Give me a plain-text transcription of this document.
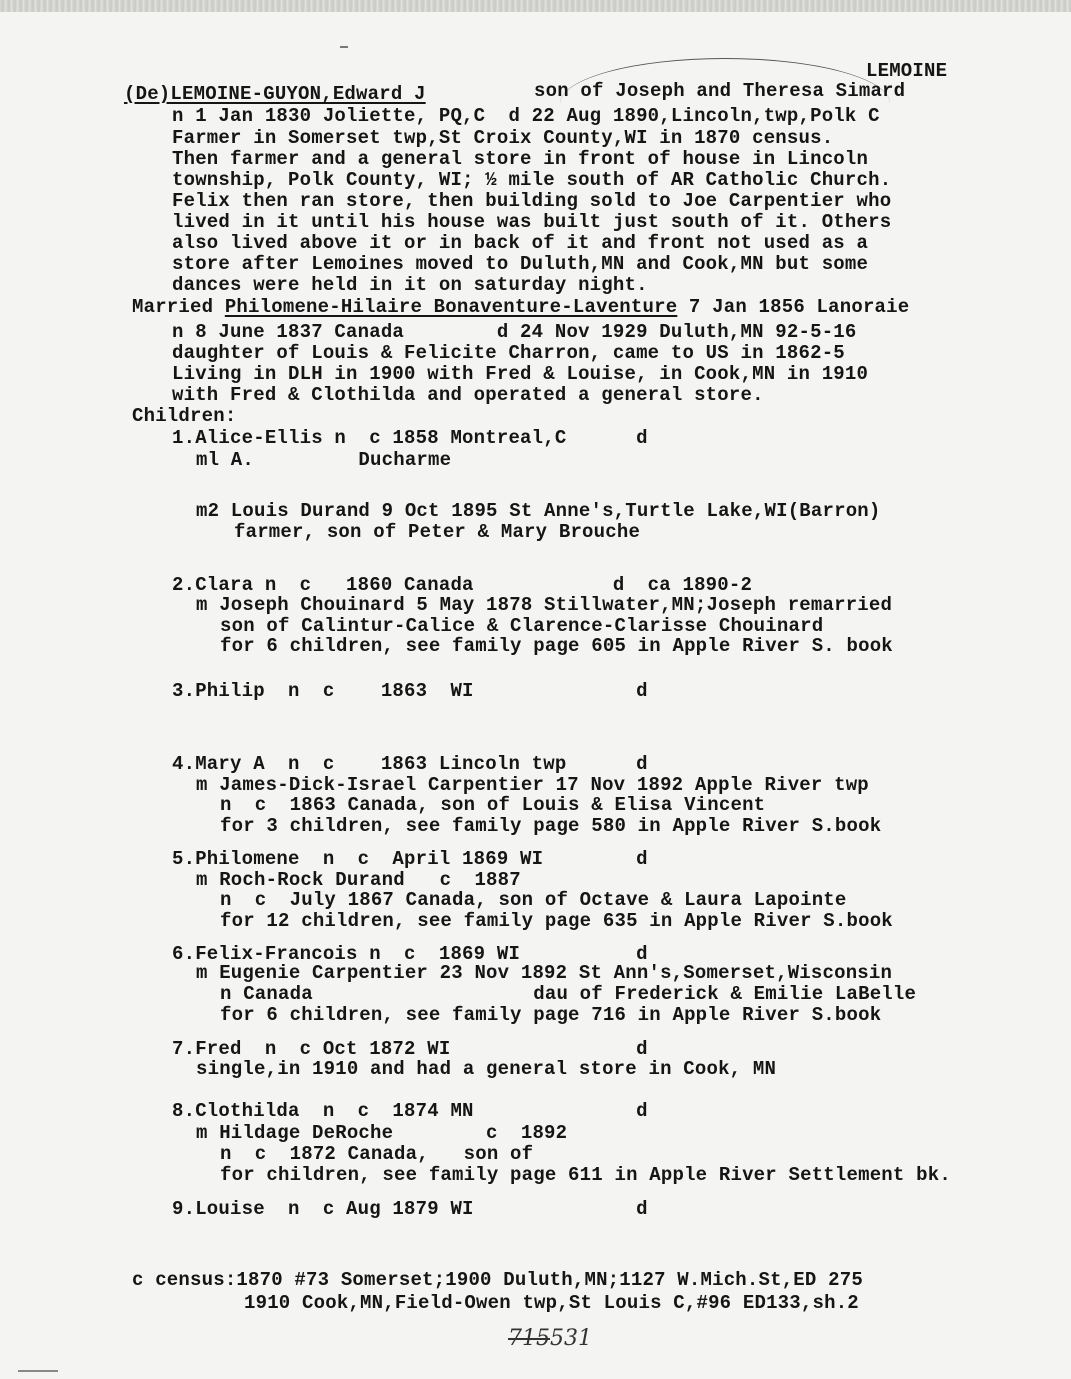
LEMOINE
(De)LEMOINE-GUYON,Edward J	son of Joseph and Theresa Simard
n 1 Jan 1830 Joliette, PQ,C  d 22 Aug 1890,Lincoln,twp,Polk C
Farmer in Somerset twp,St Croix County,WI in 1870 census.
Then farmer and a general store in front of house in Lincoln
township, Polk County, WI; ½ mile south of AR Catholic Church.
Felix then ran store, then building sold to Joe Carpentier who
lived in it until his house was built just south of it. Others
also lived above it or in back of it and front not used as a
store after Lemoines moved to Duluth,MN and Cook,MN but some
dances were held in it on saturday night.
Married Philomene-Hilaire Bonaventure-Laventure 7 Jan 1856 Lanoraie
n 8 June 1837 Canada        d 24 Nov 1929 Duluth,MN 92-5-16
daughter of Louis & Felicite Charron, came to US in 1862-5
Living in DLH in 1900 with Fred & Louise, in Cook,MN in 1910
with Fred & Clothilda and operated a general store.
Children:
1.Alice-Ellis n  c 1858 Montreal,C      d
ml A.         Ducharme
m2 Louis Durand 9 Oct 1895 St Anne's,Turtle Lake,WI(Barron)
farmer, son of Peter & Mary Brouche
2.Clara n  c   1860 Canada            d  ca 1890-2
m Joseph Chouinard 5 May 1878 Stillwater,MN;Joseph remarried
son of Calintur-Calice & Clarence-Clarisse Chouinard
for 6 children, see family page 605 in Apple River S. book
3.Philip  n  c    1863  WI              d
4.Mary A  n  c    1863 Lincoln twp      d
m James-Dick-Israel Carpentier 17 Nov 1892 Apple River twp
n  c  1863 Canada, son of Louis & Elisa Vincent
for 3 children, see family page 580 in Apple River S.book
5.Philomene  n  c  April 1869 WI        d
m Roch-Rock Durand   c  1887
n  c  July 1867 Canada, son of Octave & Laura Lapointe
for 12 children, see family page 635 in Apple River S.book
6.Felix-Francois n  c  1869 WI          d
m Eugenie Carpentier 23 Nov 1892 St Ann's,Somerset,Wisconsin
n Canada                   dau of Frederick & Emilie LaBelle
for 6 children, see family page 716 in Apple River S.book
7.Fred  n  c Oct 1872 WI                d
single,in 1910 and had a general store in Cook, MN
8.Clothilda  n  c  1874 MN              d
m Hildage DeRoche        c  1892
n  c  1872 Canada,   son of
for children, see family page 611 in Apple River Settlement bk.
9.Louise  n  c Aug 1879 WI              d
c census:1870 #73 Somerset;1900 Duluth,MN;1127 W.Mich.St,ED 275
1910 Cook,MN,Field-Owen twp,St Louis C,#96 ED133,sh.2
715531
